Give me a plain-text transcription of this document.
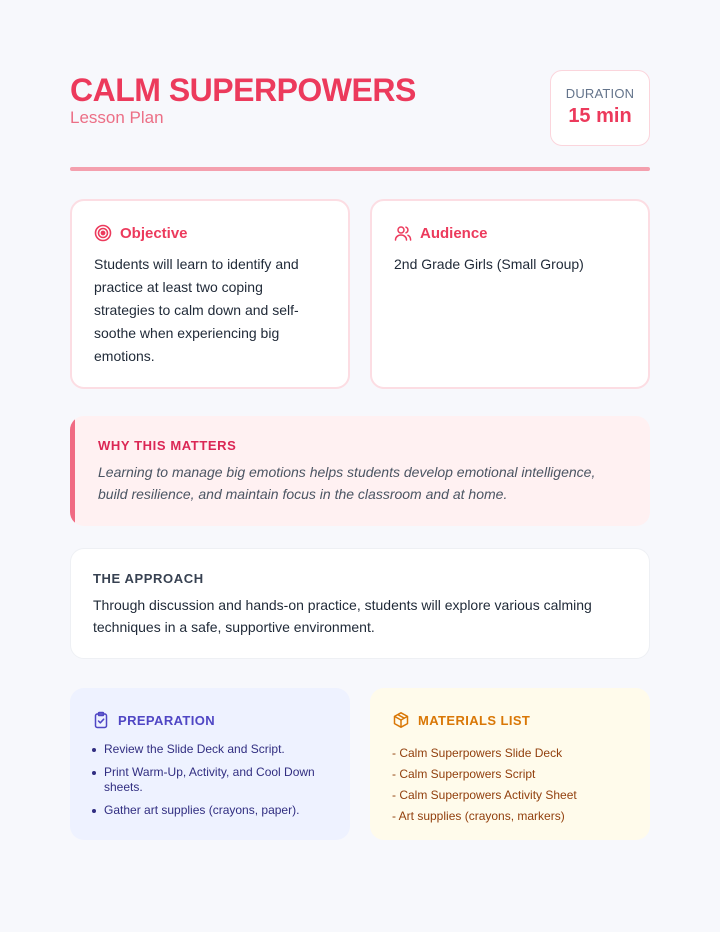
CALM SUPERPOWERS
Lesson Plan
DURATION
15 min
Objective
Students will learn to identify and practice at least two coping strategies to calm down and self-soothe when experiencing big emotions.
Audience
2nd Grade Girls (Small Group)
WHY THIS MATTERS
Learning to manage big emotions helps students develop emotional intelligence, build resilience, and maintain focus in the classroom and at home.
THE APPROACH
Through discussion and hands-on practice, students will explore various calming techniques in a safe, supportive environment.
PREPARATION
Review the Slide Deck and Script.
Print Warm-Up, Activity, and Cool Down sheets.
Gather art supplies (crayons, paper).
MATERIALS LIST
- Calm Superpowers Slide Deck
- Calm Superpowers Script
- Calm Superpowers Activity Sheet
- Art supplies (crayons, markers)
